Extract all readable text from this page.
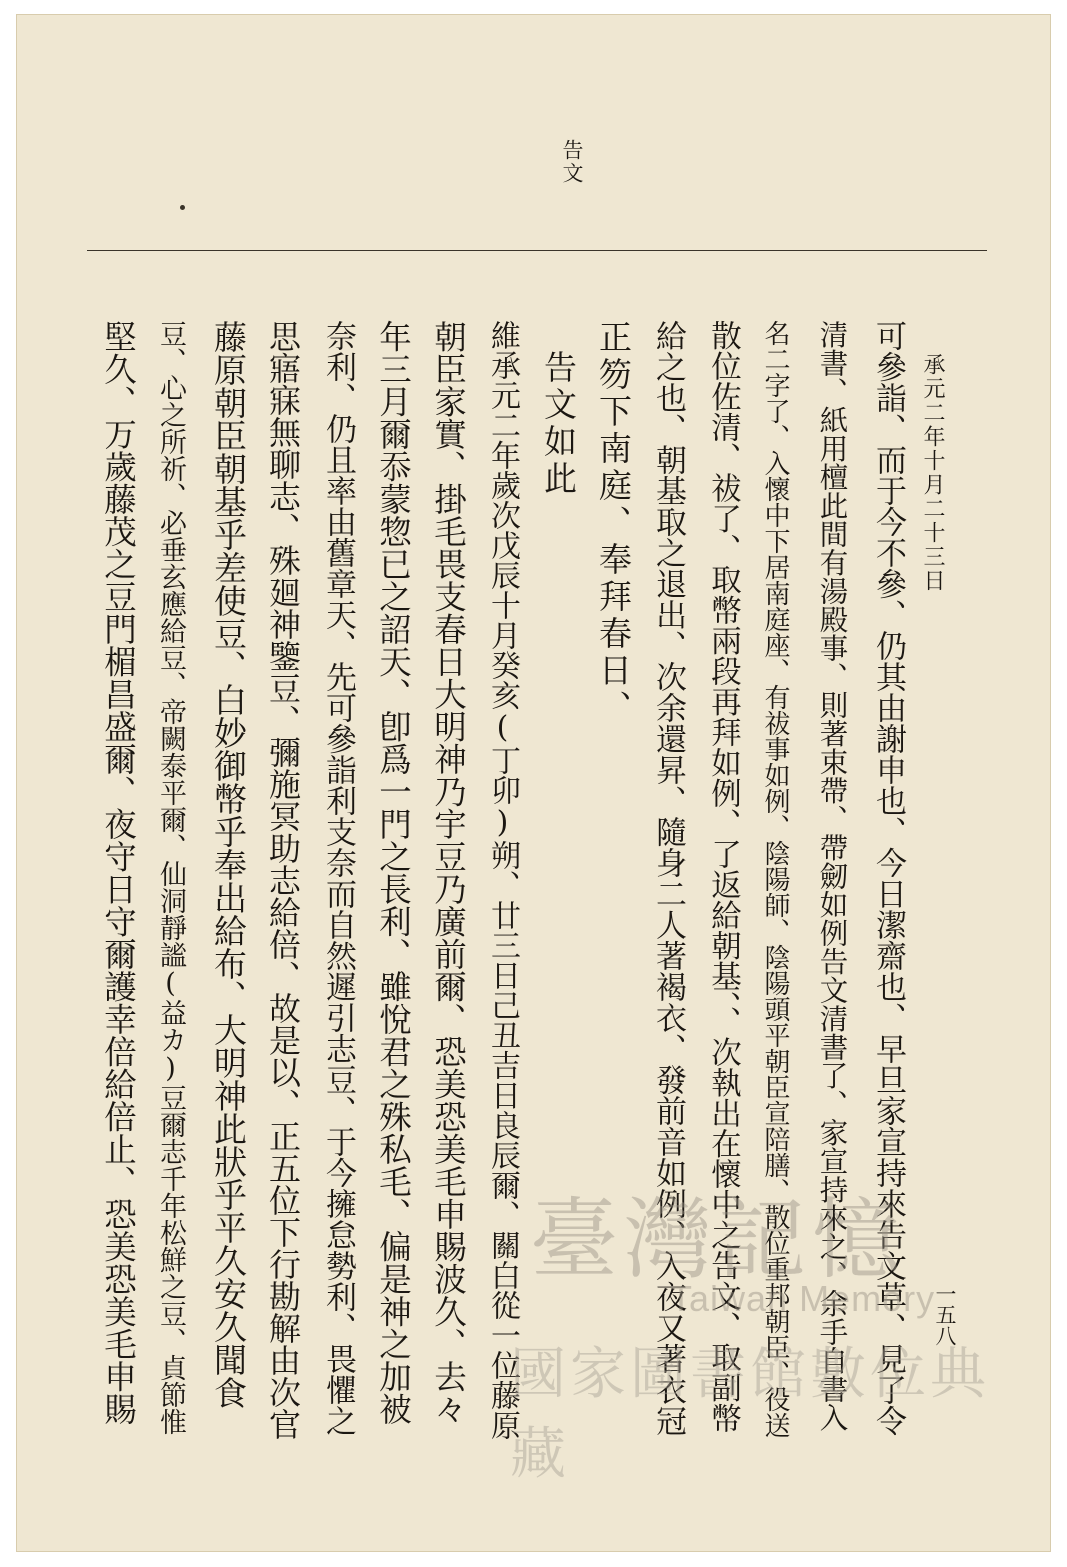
告文
承元二年十月二十三日
可參詣、而于今不參、仍其由謝申也、今日潔齋也、早旦家宣持來告文草、見了令
清書、紙用檀此間有湯殿事、則著束帶、帶劒如例告文清書了、家宣持來之、余手自書入
名二字了、入懷中下居南庭座、有祓事如例、陰陽師、陰陽頭平朝臣宣陪膳、散位重邦朝臣、役送
散位佐清、祓了、取幣兩段再拜如例、了返給朝基、、次執出在懷中之告文、取副幣
給之也、朝基取之退出、次余還昇、隨身二人著褐衣、發前音如例、入夜又著衣冠
正笏下南庭、奉拜春日、
告文如此
維承元二年歲次戊辰十月癸亥(丁卯)朔、廿三日己丑吉日良辰爾、關白從一位藤原
朝臣家實、掛毛畏支春日大明神乃宇豆乃廣前爾、恐美恐美毛申賜波久、去々
年三月爾忝蒙惣已之詔天、卽爲一門之長利、雖悅君之殊私毛、偏是神之加被
奈利、仍且率由舊章天、先可參詣利支奈而自然遲引志豆、于今擁怠勢利、畏懼之
思寤寐無聊志、殊廻神鑒豆、彌施冥助志給倍、故是以、正五位下行勘解由次官
藤原朝臣朝基乎差使豆、白妙御幣乎奉出給布、大明神此狀乎平久安久聞食
豆、心之所祈、必垂玄應給豆、帝闕泰平爾、仙洞靜謐(益カ)豆爾志千年松鮮之豆、貞節惟
堅久、万歲藤茂之豆門楣昌盛爾、夜守日守爾護幸倍給倍止、恐美恐美毛申賜	一五八
臺灣記憶
Taiwan Memory
國家圖書館數位典藏
